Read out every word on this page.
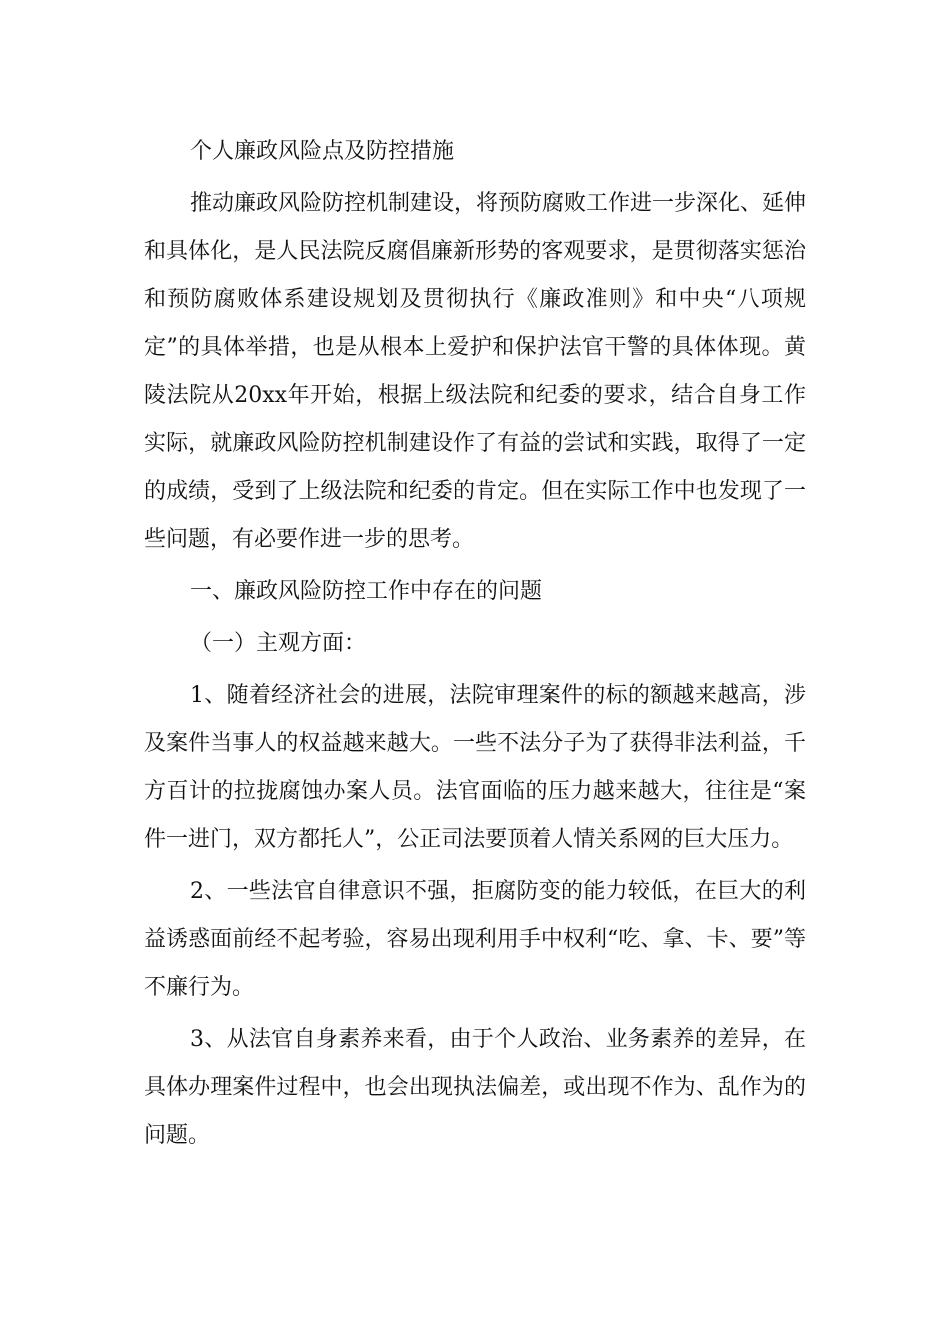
个人廉政风险点及防控措施

推动廉政风险防控机制建设，将预防腐败工作进一步深化、延伸和具体化，是人民法院反腐倡廉新形势的客观要求，是贯彻落实惩治和预防腐败体系建设规划及贯彻执行《廉政准则》和中央“八项规定”的具体举措，也是从根本上爱护和保护法官干警的具体体现。黄陵法院从20xx年开始，根据上级法院和纪委的要求，结合自身工作实际，就廉政风险防控机制建设作了有益的尝试和实践，取得了一定的成绩，受到了上级法院和纪委的肯定。但在实际工作中也发现了一些问题，有必要作进一步的思考。

一、廉政风险防控工作中存在的问题

（一）主观方面：

1、随着经济社会的进展，法院审理案件的标的额越来越高，涉及案件当事人的权益越来越大。一些不法分子为了获得非法利益，千方百计的拉拢腐蚀办案人员。法官面临的压力越来越大，往往是“案件一进门，双方都托人”，公正司法要顶着人情关系网的巨大压力。

2、一些法官自律意识不强，拒腐防变的能力较低，在巨大的利益诱惑面前经不起考验，容易出现利用手中权利“吃、拿、卡、要”等不廉行为。

3、从法官自身素养来看，由于个人政治、业务素养的差异，在具体办理案件过程中，也会出现执法偏差，或出现不作为、乱作为的问题。
